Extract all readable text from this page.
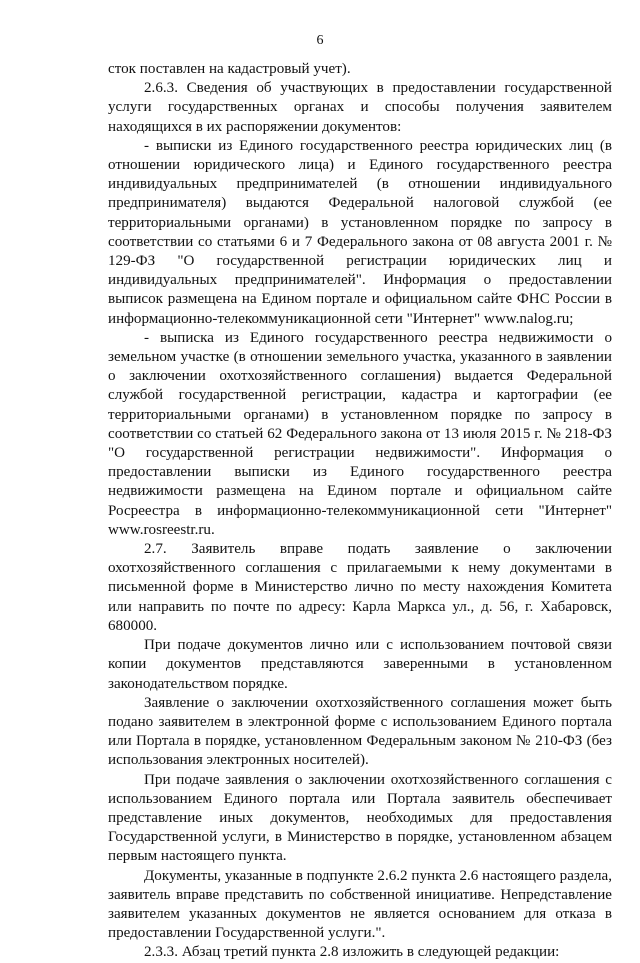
6

сток поставлен на кадастровый учет).

2.6.3. Сведения об участвующих в предоставлении государственной услуги государственных органах и способы получения заявителем находящихся в их распоряжении документов:

- выписки из Единого государственного реестра юридических лиц (в отношении юридического лица) и Единого государственного реестра индивидуальных предпринимателей (в отношении индивидуального предпринимателя) выдаются Федеральной налоговой службой (ее территориальными органами) в установленном порядке по запросу в соответствии со статьями 6 и 7 Федерального закона от 08 августа 2001 г. № 129-ФЗ "О государственной регистрации юридических лиц и индивидуальных предпринимателей". Информация о предоставлении выписок размещена на Едином портале и официальном сайте ФНС России в информационно-телекоммуникационной сети "Интернет" www.nalog.ru;

- выписка из Единого государственного реестра недвижимости о земельном участке (в отношении земельного участка, указанного в заявлении о заключении охотхозяйственного соглашения) выдается Федеральной службой государственной регистрации, кадастра и картографии (ее территориальными органами) в установленном порядке по запросу в соответствии со статьей 62 Федерального закона от 13 июля 2015 г. № 218-ФЗ "О государственной регистрации недвижимости". Информация о предоставлении выписки из Единого государственного реестра недвижимости размещена на Едином портале и официальном сайте Росреестра в информационно-телекоммуникационной сети "Интернет" www.rosreestr.ru.

2.7. Заявитель вправе подать заявление о заключении охотхозяйственного соглашения с прилагаемыми к нему документами в письменной форме в Министерство лично по месту нахождения Комитета или направить по почте по адресу: Карла Маркса ул., д. 56, г. Хабаровск, 680000.

При подаче документов лично или с использованием почтовой связи копии документов представляются заверенными в установленном законодательством порядке.

Заявление о заключении охотхозяйственного соглашения может быть подано заявителем в электронной форме с использованием Единого портала или Портала в порядке, установленном Федеральным законом № 210-ФЗ (без использования электронных носителей).

При подаче заявления о заключении охотхозяйственного соглашения с использованием Единого портала или Портала заявитель обеспечивает представление иных документов, необходимых для предоставления Государственной услуги, в Министерство в порядке, установленном абзацем первым настоящего пункта.

Документы, указанные в подпункте 2.6.2 пункта 2.6 настоящего раздела, заявитель вправе представить по собственной инициативе. Непредставление заявителем указанных документов не является основанием для отказа в предоставлении Государственной услуги.".

2.3.3. Абзац третий пункта 2.8 изложить в следующей редакции:
